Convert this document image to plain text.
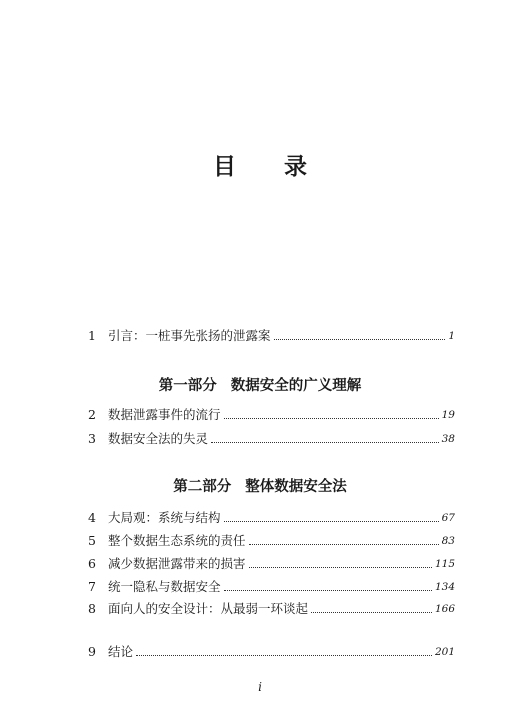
目 录
1 引言：一桩事先张扬的泄露案	1
第一部分 数据安全的广义理解
2 数据泄露事件的流行	19
3 数据安全法的失灵	38
第二部分 整体数据安全法
4 大局观：系统与结构	67
5 整个数据生态系统的责任	83
6 减少数据泄露带来的损害	115
7 统一隐私与数据安全	134
8 面向人的安全设计：从最弱一环谈起	166
9 结论	201
i
